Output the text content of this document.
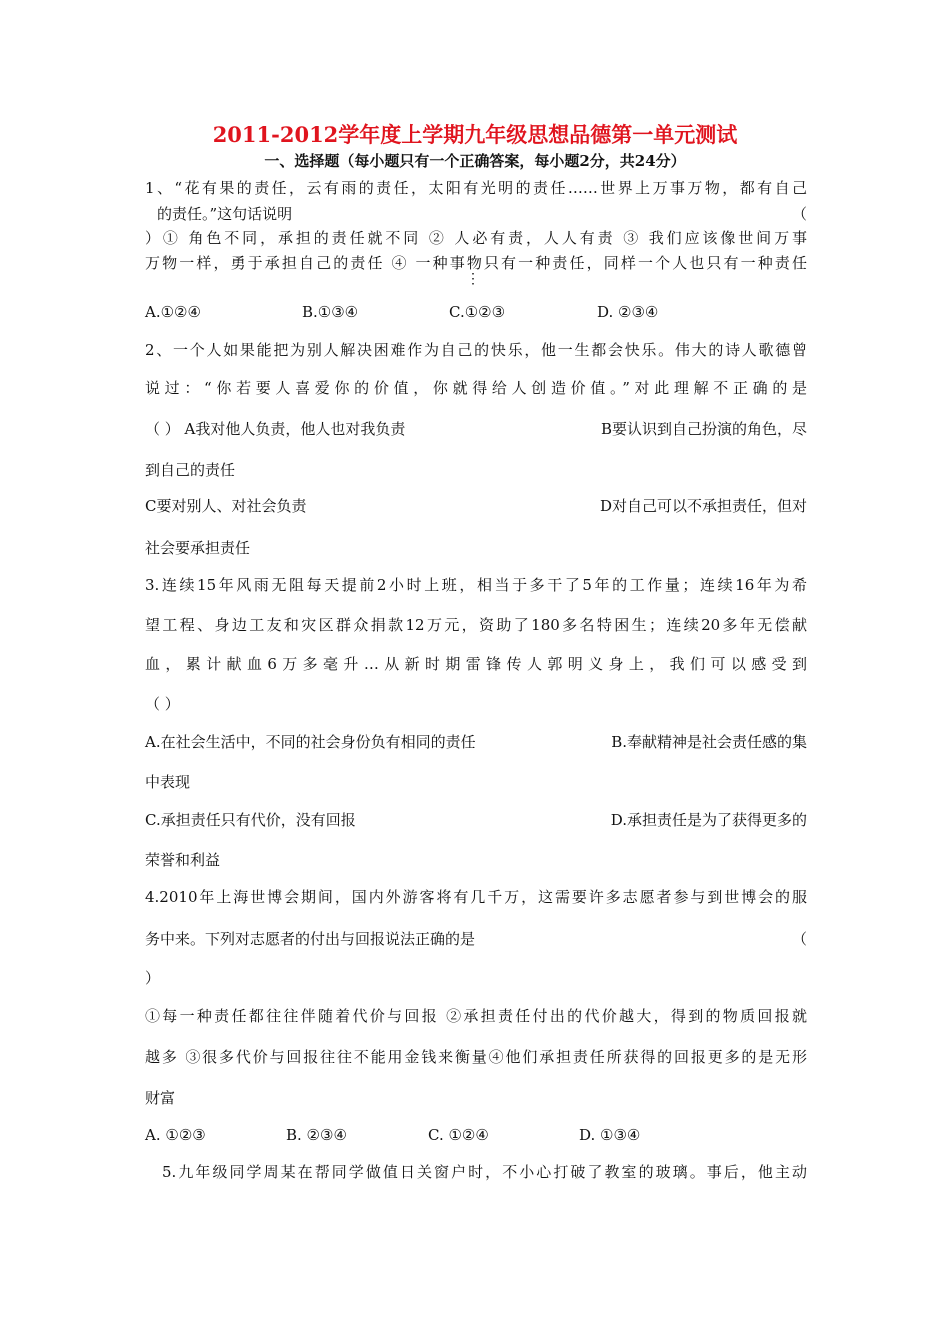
2011-2012学年度上学期九年级思想品德第一单元测试
一、选择题（每小题只有一个正确答案，每小题2分，共24分）
1、“花有果的责任，云有雨的责任，太阳有光明的责任……世界上万事万物，都有自己
的责任。”这句话说明	（
）① 角色不同，承担的责任就不同 ② 人必有责，人人有责 ③ 我们应该像世间万事
万物一样，勇于承担自己的责任 ④ 一种事物只有一种责任，同样一个人也只有一种责任
⋮
A.①②④	B.①③④	C.①②③	D. ②③④
2、一个人如果能把为别人解决困难作为自己的快乐，他一生都会快乐。伟大的诗人歌德曾
说过：“你若要人喜爱你的价值，你就得给人创造价值。”对此理解不正确的是
（ ） A我对他人负责，他人也对我负责	B要认识到自己扮演的角色，尽
到自己的责任
C要对别人、对社会负责	D对自己可以不承担责任，但对
社会要承担责任
3.连续15年风雨无阻每天提前2小时上班，相当于多干了5年的工作量；连续16年为希
望工程、身边工友和灾区群众捐款12万元，资助了180多名特困生；连续20多年无偿献
血，累计献血6万多毫升…从新时期雷锋传人郭明义身上，我们可以感受到
（ ）
A.在社会生活中，不同的社会身份负有相同的责任	B.奉献精神是社会责任感的集
中表现
C.承担责任只有代价，没有回报	D.承担责任是为了获得更多的
荣誉和利益
4.2010年上海世博会期间，国内外游客将有几千万，这需要许多志愿者参与到世博会的服
务中来。下列对志愿者的付出与回报说法正确的是	（
）
①每一种责任都往往伴随着代价与回报 ②承担责任付出的代价越大，得到的物质回报就
越多 ③很多代价与回报往往不能用金钱来衡量④他们承担责任所获得的回报更多的是无形
财富
A. ①②③	B. ②③④	C. ①②④	D. ①③④
5.九年级同学周某在帮同学做值日关窗户时，不小心打破了教室的玻璃。事后，他主动
